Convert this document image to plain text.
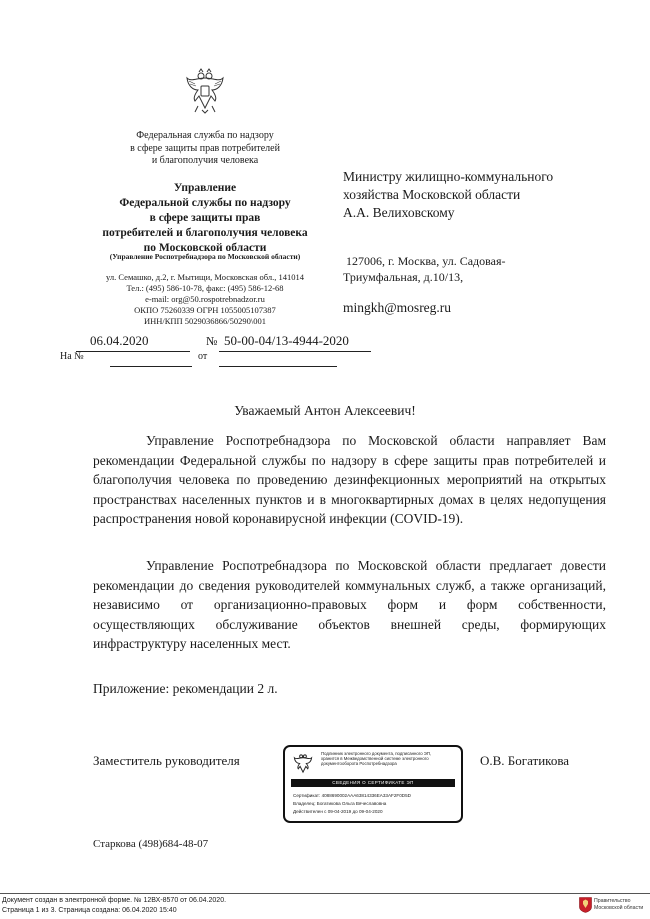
Федеральная служба по надзору
в сфере защиты прав потребителей
и благополучия человека
Управление
Федеральной службы по надзору
в сфере защиты прав
потребителей и благополучия человека
по Московской области
(Управление Роспотребнадзора по Московской области)
ул. Семашко, д.2, г. Мытищи, Московская обл., 141014
Тел.: (495) 586-10-78, факс: (495) 586-12-68
e-mail: org@50.rospotrebnadzor.ru
ОКПО 75260339 ОГРН 1055005107387
ИНН/КПП 5029036866/50290\001
Министру жилищно-коммунального
хозяйства Московской области
А.А. Велиховскому
127006, г. Москва, ул. Садовая-
Триумфальная, д.10/13,
mingkh@mosreg.ru
06.04.2020	№ 50-00-04/13-4944-2020
На №	от
Уважаемый Антон Алексеевич!
Управление Роспотребнадзора по Московской области направляет Вам рекомендации Федеральной службы по надзору в сфере защиты прав потребителей и благополучия человека по проведению дезинфекционных мероприятий на открытых пространствах населенных пунктов и в многоквартирных домах в целях недопущения распространения новой коронавирусной инфекции (COVID-19).
Управление Роспотребнадзора по Московской области предлагает довести рекомендации до сведения руководителей коммунальных служб, а также организаций, независимо от организационно-правовых форм и форм собственности, осуществляющих обслуживание объектов внешней среды, формирующих инфраструктуру населенных мест.
Приложение: рекомендации 2 л.
Заместитель руководителя	О.В. Богатикова
Подлинник электронного документа, подписанного ЭП,
хранится в Межведомственной системе электронного
документооборота Роспотребнадзора
СВЕДЕНИЯ О СЕРТИФИКАТЕ ЭП
Сертификат: 4088690002AAA63814336EA33AF2F0D5D
Владелец: Богатикова Ольга Вячеславовна
Действителен с 09-04-2019 до 09-04-2020
Старкова (498)684-48-07
Документ создан в электронной форме. № 12ВХ-8570 от 06.04.2020.
Страница 1 из 3. Страница создана: 06.04.2020 15:40
Правительство
Московской области
